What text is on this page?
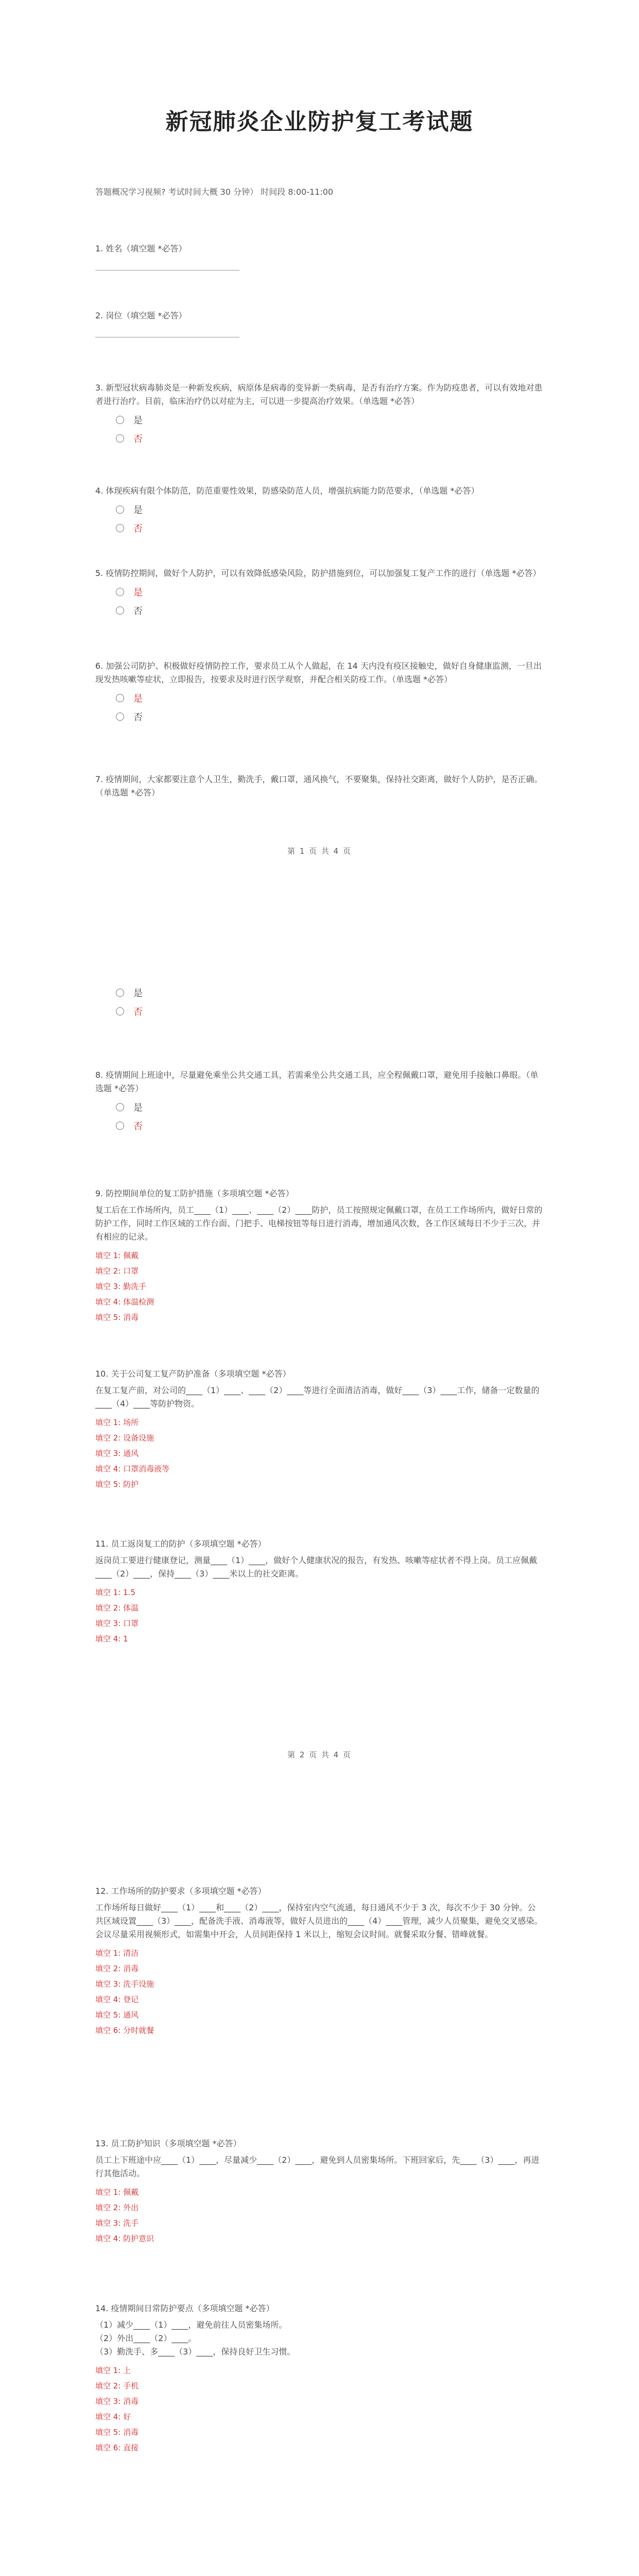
新冠肺炎企业防护复工考试题
答题概况学习视频? 考试时间大概 30 分钟） 时间段 8:00-11:00
1. 姓名（填空题 *必答）
2. 岗位（填空题 *必答）
3. 新型冠状病毒肺炎是一种新发疾病，病原体是病毒的变异新一类病毒，是否有治疗方案。作为防疫患者，可以有效地对患者进行治疗。目前，临床治疗仍以对症为主，可以进一步提高治疗效果。（单选题 *必答）
是
否
4. 体现疾病有限个体防范，防范重要性效果，防感染防范人员，增强抗病能力防范要求，（单选题 *必答）
是
否
5. 疫情防控期间，做好个人防护，可以有效降低感染风险，防护措施到位，可以加强复工复产工作的进行（单选题 *必答）
是
否
6. 加强公司防护、积极做好疫情防控工作，要求员工从个人做起，在 14 天内没有疫区接触史，做好自身健康监测，一旦出现发热咳嗽等症状，立即报告，按要求及时进行医学观察，并配合相关防疫工作。（单选题 *必答）
是
否
7. 疫情期间，大家都要注意个人卫生，勤洗手，戴口罩，通风换气，不要聚集，保持社交距离，做好个人防护，是否正确。（单选题 *必答）
第 1 页 共 4 页
是
否
8. 疫情期间上班途中，尽量避免乘坐公共交通工具，若需乘坐公共交通工具，应全程佩戴口罩，避免用手接触口鼻眼。（单选题 *必答）
是
否
9. 防控期间单位的复工防护措施（多项填空题 *必答）
复工后在工作场所内，员工____（1）____、____（2）____防护，员工按照规定佩戴口罩，在员工工作场所内，做好日常的防护工作，同时工作区域的工作台面、门把手、电梯按钮等每日进行消毒，增加通风次数，各工作区域每日不少于三次，并有相应的记录。
填空 1: 佩戴
填空 2: 口罩
填空 3: 勤洗手
填空 4: 体温检测
填空 5: 消毒
10. 关于公司复工复产防护准备（多项填空题 *必答）
在复工复产前，对公司的____（1）____、____（2）____等进行全面清洁消毒，做好____（3）____工作，储备一定数量的____（4）____等防护物资。
填空 1: 场所
填空 2: 设备设施
填空 3: 通风
填空 4: 口罩消毒液等
填空 5: 防护
11. 员工返岗复工的防护（多项填空题 *必答）
返岗员工要进行健康登记，测量____（1）____，做好个人健康状况的报告，有发热、咳嗽等症状者不得上岗。员工应佩戴____（2）____，保持____（3）____米以上的社交距离。
填空 1: 1.5
填空 2: 体温
填空 3: 口罩
填空 4: 1
第 2 页 共 4 页
12. 工作场所的防护要求（多项填空题 *必答）
工作场所每日做好____（1）____和____（2）____，保持室内空气流通，每日通风不少于 3 次，每次不少于 30 分钟。公共区域设置____（3）____，配备洗手液、消毒液等，做好人员进出的____（4）____管理，减少人员聚集，避免交叉感染。会议尽量采用视频形式，如需集中开会，人员间距保持 1 米以上，缩短会议时间。就餐采取分餐、错峰就餐。
填空 1: 清洁
填空 2: 消毒
填空 3: 洗手设施
填空 4: 登记
填空 5: 通风
填空 6: 分时就餐
13. 员工防护知识（多项填空题 *必答）
员工上下班途中应____（1）____，尽量减少____（2）____，避免到人员密集场所。下班回家后，先____（3）____，再进行其他活动。
填空 1: 佩戴
填空 2: 外出
填空 3: 洗手
填空 4: 防护意识
14. 疫情期间日常防护要点（多项填空题 *必答）
（1）减少____（1）____，避免前往人员密集场所。
（2）外出____（2）____。
（3）勤洗手、多____（3）____，保持良好卫生习惯。
填空 1: 上
填空 2: 手机
填空 3: 消毒
填空 4: 好
填空 5: 消毒
填空 6: 直接
